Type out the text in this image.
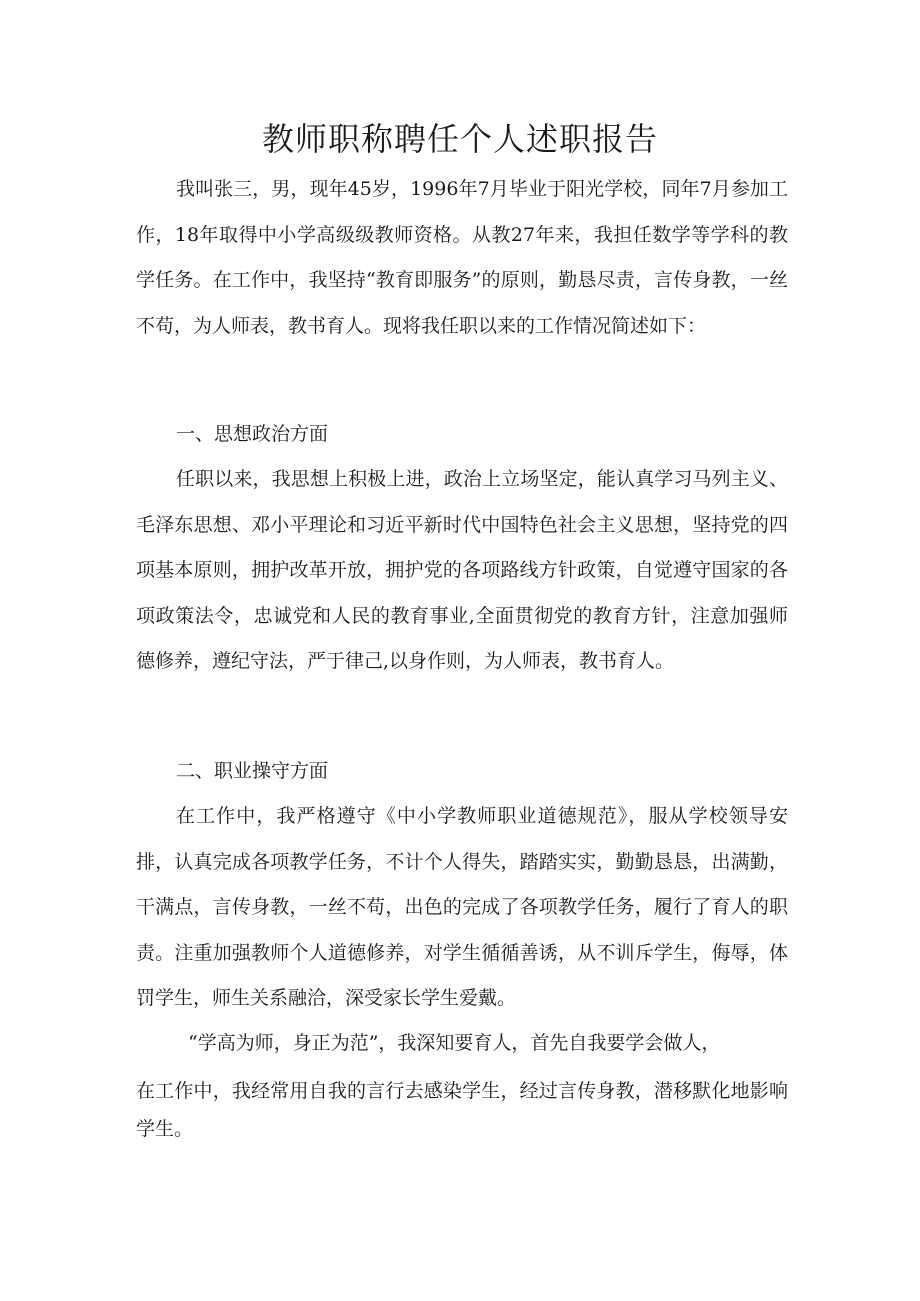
教师职称聘任个人述职报告

我叫张三，男，现年45岁，1996年7月毕业于阳光学校，同年7月参加工作，18年取得中小学高级级教师资格。从教27年来，我担任数学等学科的教学任务。在工作中，我坚持“教育即服务”的原则，勤恳尽责，言传身教，一丝不苟，为人师表，教书育人。现将我任职以来的工作情况简述如下：

一、思想政治方面

任职以来，我思想上积极上进，政治上立场坚定，能认真学习马列主义、毛泽东思想、邓小平理论和习近平新时代中国特色社会主义思想，坚持党的四项基本原则，拥护改革开放，拥护党的各项路线方针政策，自觉遵守国家的各项政策法令，忠诚党和人民的教育事业,全面贯彻党的教育方针，注意加强师德修养，遵纪守法，严于律己,以身作则，为人师表，教书育人。

二、职业操守方面

在工作中，我严格遵守《中小学教师职业道德规范》，服从学校领导安排，认真完成各项教学任务，不计个人得失，踏踏实实，勤勤恳恳，出满勤，干满点，言传身教，一丝不苟，出色的完成了各项教学任务，履行了育人的职责。注重加强教师个人道德修养，对学生循循善诱，从不训斥学生，侮辱，体罚学生，师生关系融洽，深受家长学生爱戴。

“学高为师，身正为范”，我深知要育人，首先自我要学会做人，

在工作中，我经常用自我的言行去感染学生，经过言传身教，潜移默化地影响学生。
